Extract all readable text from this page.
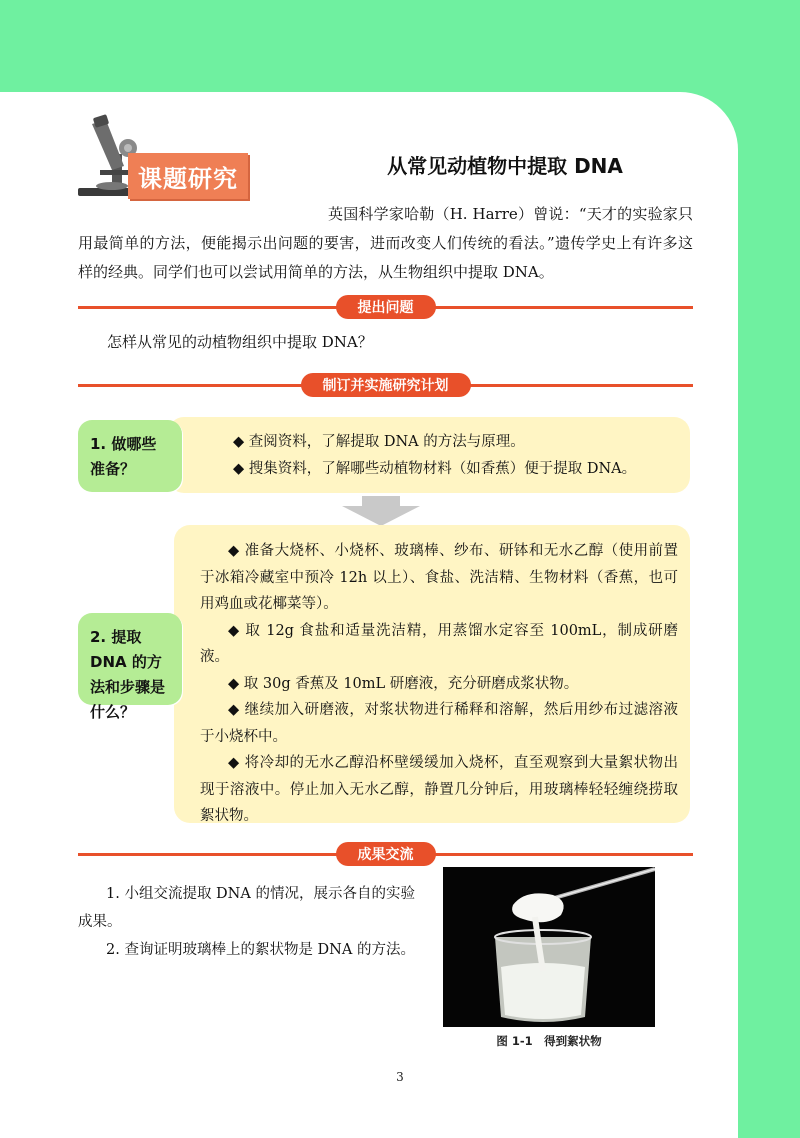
课题研究	从常见动植物中提取 DNA
英国科学家哈勒（H. Harre）曾说：“天才的实验家只用最简单的方法，便能揭示出问题的要害，进而改变人们传统的看法。”遗传学史上有许多这样的经典。同学们也可以尝试用简单的方法，从生物组织中提取 DNA。
提出问题
怎样从常见的动植物组织中提取 DNA？
制订并实施研究计划
1. 做哪些准备？
◆ 查阅资料，了解提取 DNA 的方法与原理。
◆ 搜集资料，了解哪些动植物材料（如香蕉）便于提取 DNA。
2. 提取 DNA 的方法和步骤是什么？

◆ 准备大烧杯、小烧杯、玻璃棒、纱布、研钵和无水乙醇（使用前置于冰箱冷藏室中预冷 12h 以上）、食盐、洗洁精、生物材料（香蕉，也可用鸡血或花椰菜等）。

◆ 取 12g 食盐和适量洗洁精，用蒸馏水定容至 100mL，制成研磨液。

◆ 取 30g 香蕉及 10mL 研磨液，充分研磨成浆状物。

◆ 继续加入研磨液，对浆状物进行稀释和溶解，然后用纱布过滤溶液于小烧杯中。

◆ 将冷却的无水乙醇沿杯壁缓缓加入烧杯，直至观察到大量絮状物出现于溶液中。停止加入无水乙醇，静置几分钟后，用玻璃棒轻轻缠绕捞取絮状物。

成果交流

1. 小组交流提取 DNA 的情况，展示各自的实验成果。

2. 查询证明玻璃棒上的絮状物是 DNA 的方法。

图 1-1　得到絮状物
3
